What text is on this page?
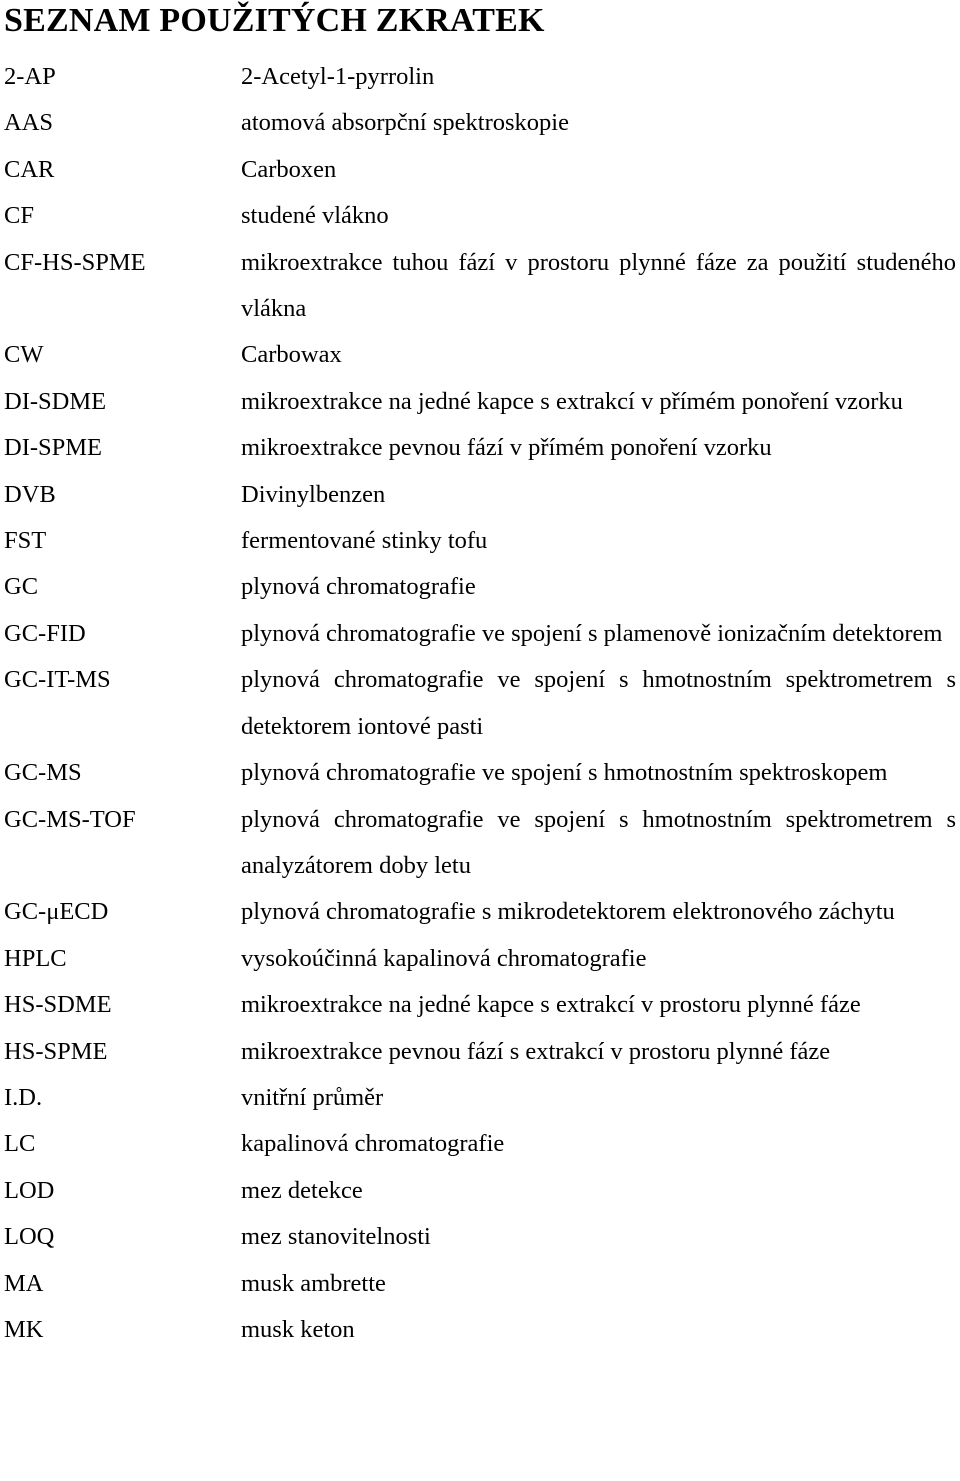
SEZNAM POUŽITÝCH ZKRATEK
2-AP	2-Acetyl-1-pyrrolin
AAS	atomová absorpční spektroskopie
CAR	Carboxen
CF	studené vlákno
CF-HS-SPME	mikroextrakce tuhou fází v prostoru plynné fáze za použití studeného vlákna
CW	Carbowax
DI-SDME	mikroextrakce na jedné kapce s extrakcí v přímém ponoření vzorku
DI-SPME	mikroextrakce pevnou fází v přímém ponoření vzorku
DVB	Divinylbenzen
FST	fermentované stinky tofu
GC	plynová chromatografie
GC-FID	plynová chromatografie ve spojení s plamenově ionizačním detektorem
GC-IT-MS	plynová chromatografie ve spojení s hmotnostním spektrometrem s detektorem iontové pasti
GC-MS	plynová chromatografie ve spojení s hmotnostním spektroskopem
GC-MS-TOF	plynová chromatografie ve spojení s hmotnostním spektrometrem s analyzátorem doby letu
GC-μECD	plynová chromatografie s mikrodetektorem elektronového záchytu
HPLC	vysokoúčinná kapalinová chromatografie
HS-SDME	mikroextrakce na jedné kapce s extrakcí v prostoru plynné fáze
HS-SPME	mikroextrakce pevnou fází s extrakcí v prostoru plynné fáze
I.D.	vnitřní průměr
LC	kapalinová chromatografie
LOD	mez detekce
LOQ	mez stanovitelnosti
MA	musk ambrette
MK	musk keton
